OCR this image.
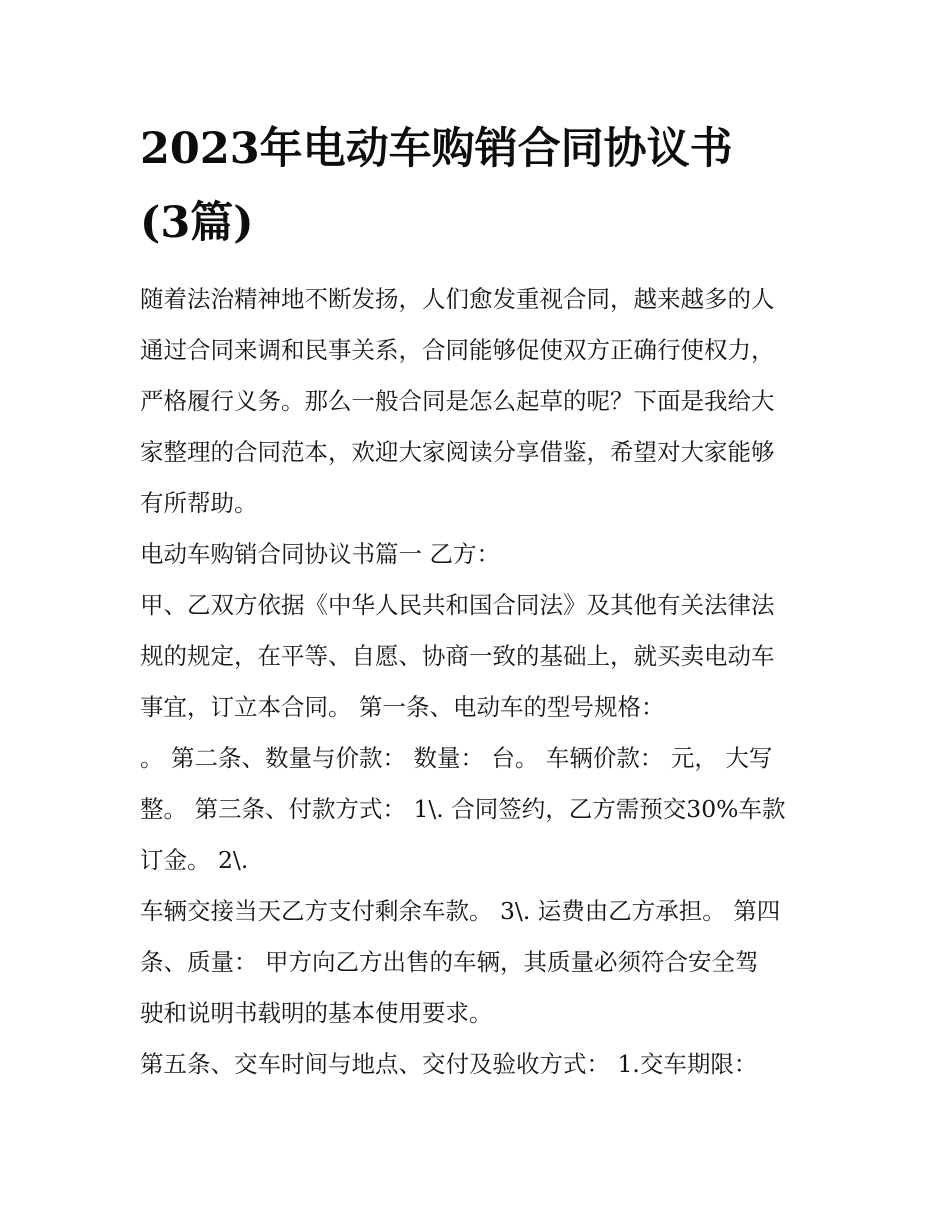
2023年电动车购销合同协议书
(3篇)

随着法治精神地不断发扬，人们愈发重视合同，越来越多的人
通过合同来调和民事关系，合同能够促使双方正确行使权力，
严格履行义务。那么一般合同是怎么起草的呢？下面是我给大
家整理的合同范本，欢迎大家阅读分享借鉴，希望对大家能够
有所帮助。

电动车购销合同协议书篇一 乙方：

甲、乙双方依据《中华人民共和国合同法》及其他有关法律法
规的规定，在平等、自愿、协商一致的基础上，就买卖电动车
事宜，订立本合同。 第一条、电动车的型号规格：

。 第二条、数量与价款： 数量： 台。 车辆价款： 元， 大写
整。 第三条、付款方式： 1\. 合同签约，乙方需预交30%车款
订金。 2\.

车辆交接当天乙方支付剩余车款。 3\. 运费由乙方承担。 第四
条、质量： 甲方向乙方出售的车辆，其质量必须符合安全驾
驶和说明书载明的基本使用要求。

第五条、交车时间与地点、交付及验收方式： 1.交车期限：
